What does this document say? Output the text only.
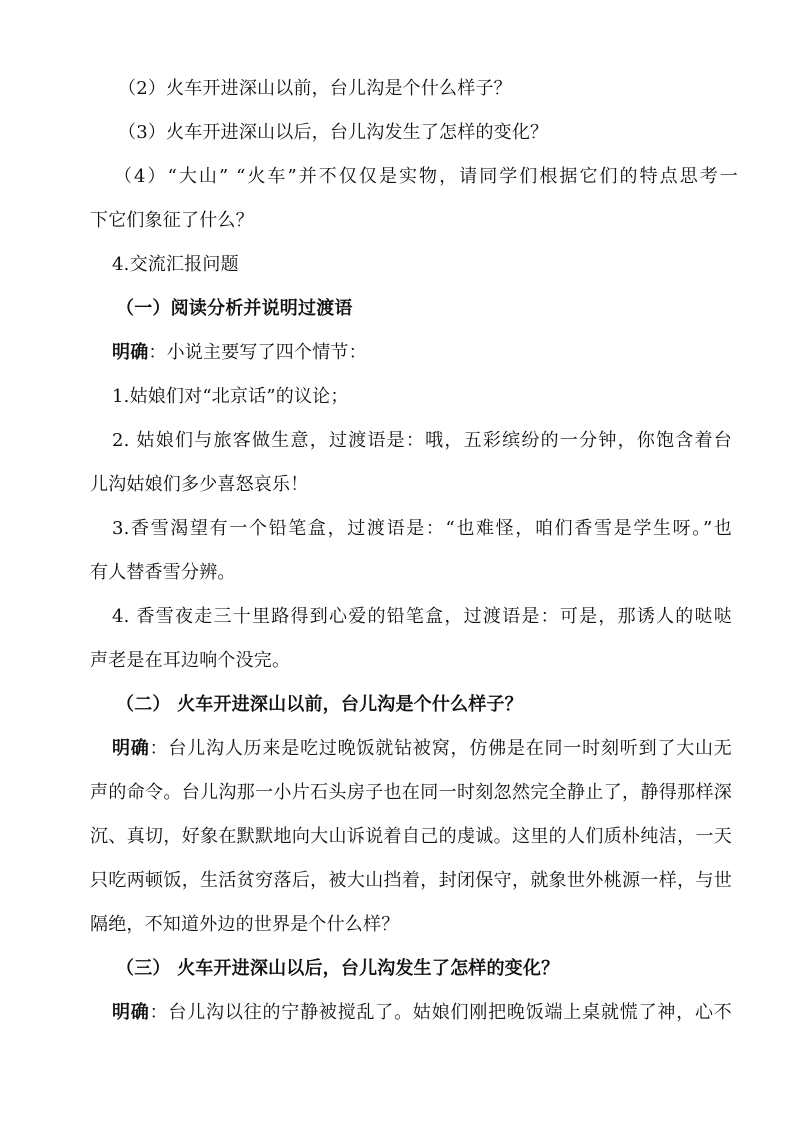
（2）火车开进深山以前，台儿沟是个什么样子？
（3）火车开进深山以后，台儿沟发生了怎样的变化？
（4）“大山” “火车”并不仅仅是实物，请同学们根据它们的特点思考一
下它们象征了什么？
4.交流汇报问题
（一）阅读分析并说明过渡语
明确：小说主要写了四个情节：
1.姑娘们对“北京话”的议论；
2. 姑娘们与旅客做生意，过渡语是：哦，五彩缤纷的一分钟，你饱含着台
儿沟姑娘们多少喜怒哀乐！
3.香雪渴望有一个铅笔盒，过渡语是：“也难怪，咱们香雪是学生呀。”也
有人替香雪分辨。
4. 香雪夜走三十里路得到心爱的铅笔盒，过渡语是：可是，那诱人的哒哒
声老是在耳边响个没完。
（二） 火车开进深山以前，台儿沟是个什么样子？
明确：台儿沟人历来是吃过晚饭就钻被窝，仿佛是在同一时刻听到了大山无
声的命令。台儿沟那一小片石头房子也在同一时刻忽然完全静止了，静得那样深
沉、真切，好象在默默地向大山诉说着自己的虔诚。这里的人们质朴纯洁，一天
只吃两顿饭，生活贫穷落后，被大山挡着，封闭保守，就象世外桃源一样，与世
隔绝，不知道外边的世界是个什么样？
（三） 火车开进深山以后，台儿沟发生了怎样的变化？
明确：台儿沟以往的宁静被搅乱了。姑娘们刚把晚饭端上桌就慌了神，心不
